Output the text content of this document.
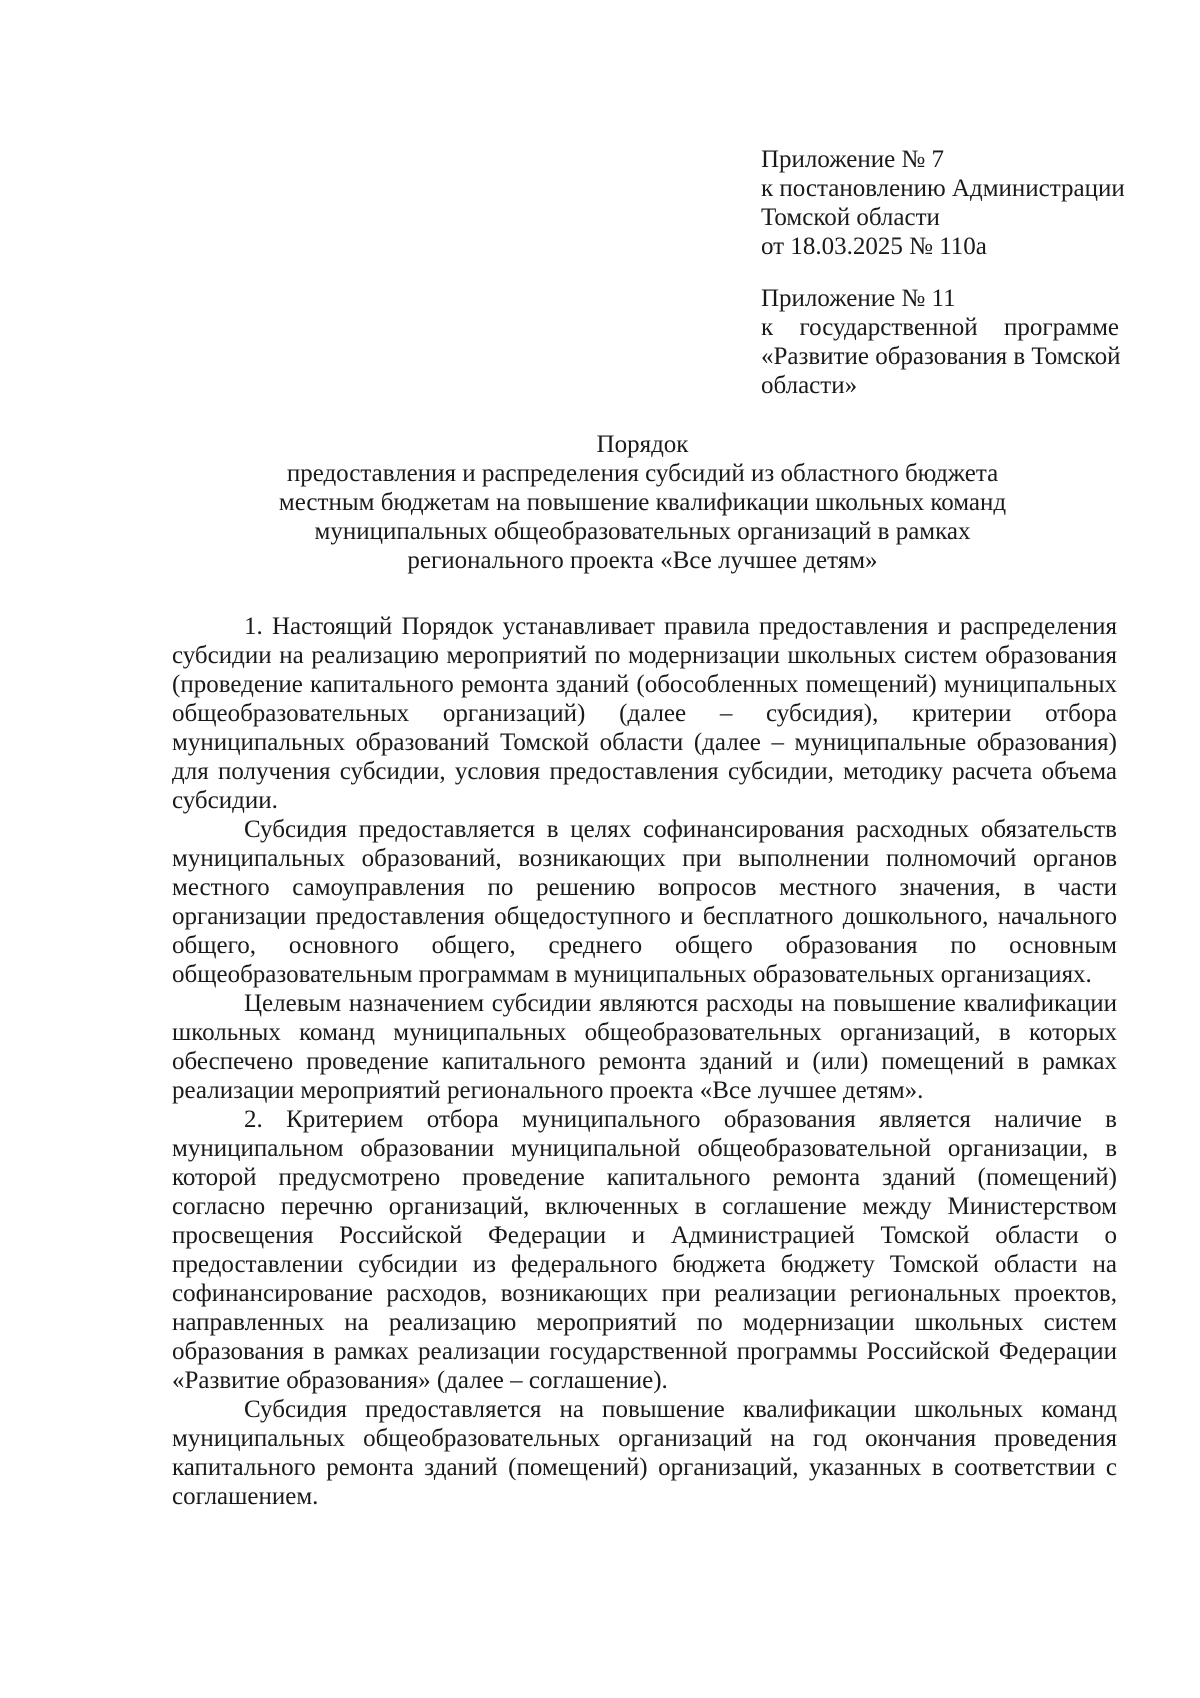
Приложение № 7
к постановлению Администрации
Томской области
от 18.03.2025 № 110а
Приложение № 11
к государственной программе
«Развитие образования в Томской
области»
Порядок
предоставления и распределения субсидий из областного бюджета
местным бюджетам на повышение квалификации школьных команд
муниципальных общеобразовательных организаций в рамках
регионального проекта «Все лучшее детям»

1. Настоящий Порядок устанавливает правила предоставления и распределения субсидии на реализацию мероприятий по модернизации школьных систем образования (проведение капитального ремонта зданий (обособленных помещений) муниципальных общеобразовательных организаций) (далее – субсидия), критерии отбора муниципальных образований Томской области (далее – муниципальные образования) для получения субсидии, условия предоставления субсидии, методику расчета объема субсидии.

Субсидия предоставляется в целях софинансирования расходных обязательств муниципальных образований, возникающих при выполнении полномочий органов местного самоуправления по решению вопросов местного значения, в части организации предоставления общедоступного и бесплатного дошкольного, начального общего, основного общего, среднего общего образования по основным общеобразовательным программам в муниципальных образовательных организациях.

Целевым назначением субсидии являются расходы на повышение квалификации школьных команд муниципальных общеобразовательных организаций, в которых обеспечено проведение капитального ремонта зданий и (или) помещений в рамках реализации мероприятий регионального проекта «Все лучшее детям».

2. Критерием отбора муниципального образования является наличие в муниципальном образовании муниципальной общеобразовательной организации, в которой предусмотрено проведение капитального ремонта зданий (помещений) согласно перечню организаций, включенных в соглашение между Министерством просвещения Российской Федерации и Администрацией Томской области о предоставлении субсидии из федерального бюджета бюджету Томской области на софинансирование расходов, возникающих при реализации региональных проектов, направленных на реализацию мероприятий по модернизации школьных систем образования в рамках реализации государственной программы Российской Федерации «Развитие образования» (далее – соглашение).

Субсидия предоставляется на повышение квалификации школьных команд муниципальных общеобразовательных организаций на год окончания проведения капитального ремонта зданий (помещений) организаций, указанных в соответствии с соглашением.
